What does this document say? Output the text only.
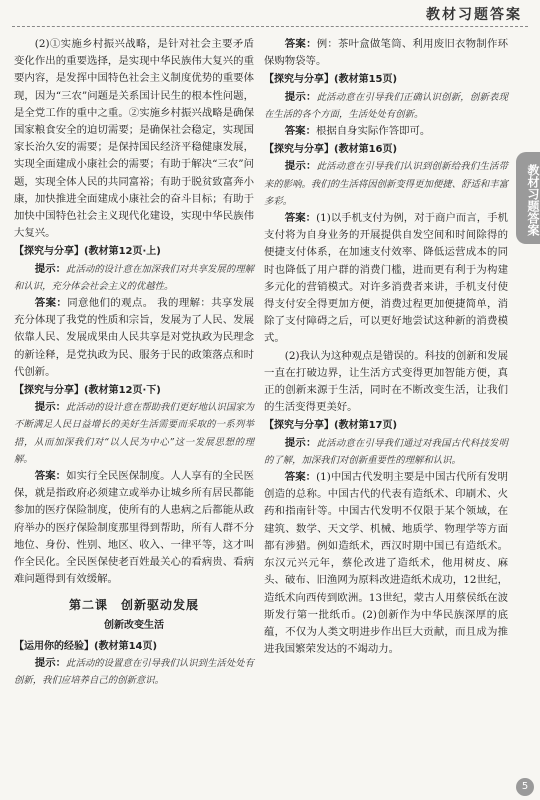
教材习题答案

(2)①实施乡村振兴战略，是针对社会主要矛盾变化作出的重要选择，是实现中华民族伟大复兴的重要内容，是发挥中国特色社会主义制度优势的重要体现，因为“三农”问题是关系国计民生的根本性问题，是全党工作的重中之重。②实施乡村振兴战略是确保国家粮食安全的迫切需要；是确保社会稳定，实现国家长治久安的需要；是保持国民经济平稳健康发展，实现全面建成小康社会的需要；有助于解决“三农”问题，实现全体人民的共同富裕；有助于脱贫致富奔小康，加快推进全面建成小康社会的奋斗目标；有助于加快中国特色社会主义现代化建设，实现中华民族伟大复兴。

【探究与分享】(教材第12页·上)

提示：此活动的设计意在加深我们对共享发展的理解和认识，充分体会社会主义的优越性。

答案：同意他们的观点。 我的理解：共享发展充分体现了我党的性质和宗旨，发展为了人民、发展依靠人民、发展成果由人民共享是对党执政为民理念的新诠释，是党执政为民、服务于民的政策落点和时代创新。

【探究与分享】(教材第12页·下)

提示：此活动的设计意在帮助我们更好地认识国家为不断满足人民日益增长的美好生活需要而采取的一系列举措，从而加深我们对“以人民为中心”这一发展思想的理解。

答案：如实行全民医保制度。人人享有的全民医保，就是指政府必须建立或举办让城乡所有居民都能参加的医疗保险制度，使所有的人患病之后都能从政府举办的医疗保险制度那里得到帮助，所有人群不分地位、身份、性别、地区、收入、一律平等，这才叫作全民化。全民医保使老百姓最关心的看病贵、看病难问题得到有效缓解。

第二课　创新驱动发展
创新改变生活
【运用你的经验】(教材第14页)

提示：此活动的设置意在引导我们认识到生活处处有创新，我们应培养自己的创新意识。

答案：例：茶叶盒做笔筒、利用废旧衣物制作环保购物袋等。

【探究与分享】(教材第15页)

提示：此活动意在引导我们正确认识创新，创新表现在生活的各个方面，生活处处有创新。

答案：根据自身实际作答即可。

【探究与分享】(教材第16页)

提示：此活动意在引导我们认识到创新给我们生活带来的影响。我们的生活将因创新变得更加便捷、舒适和丰富多彩。

答案：(1)以手机支付为例，对于商户而言，手机支付将为自身业务的开展提供自发空间和时间除得的便捷支付体系，在加速支付效率、降低运营成本的同时也降低了用户群的消费门槛，进而更有利于为构建多元化的营销模式。对许多消费者来讲，手机支付使得支付安全得更加方便，消费过程更加便捷简单，消除了支付障碍之后，可以更好地尝试这种新的消费模式。

(2)我认为这种观点是错误的。科技的创新和发展一直在打破边界，让生活方式变得更加智能方便，真正的创新来源于生活，同时在不断改变生活，让我们的生活变得更美好。

【探究与分享】(教材第17页)

提示：此活动意在引导我们通过对我国古代科技发明的了解，加深我们对创新重要性的理解和认识。

答案：(1)中国古代发明主要是中国古代所有发明创造的总称。中国古代的代表有造纸术、印刷术、火药和指南针等。中国古代发明不仅限于某个领域，在建筑、数学、天文学、机械、地质学、物理学等方面都有涉猎。例如造纸术，西汉时期中国已有造纸术。东汉元兴元年，蔡伦改进了造纸术，他用树皮、麻头、破布、旧渔网为原料改进造纸术成功，12世纪，造纸术向西传到欧洲。13世纪，蒙古人用蔡侯纸在波斯发行第一批纸币。(2)创新作为中华民族深厚的底蕴，不仅为人类文明进步作出巨大贡献，而且成为推进我国繁荣发达的不竭动力。

教材习题答案
5
